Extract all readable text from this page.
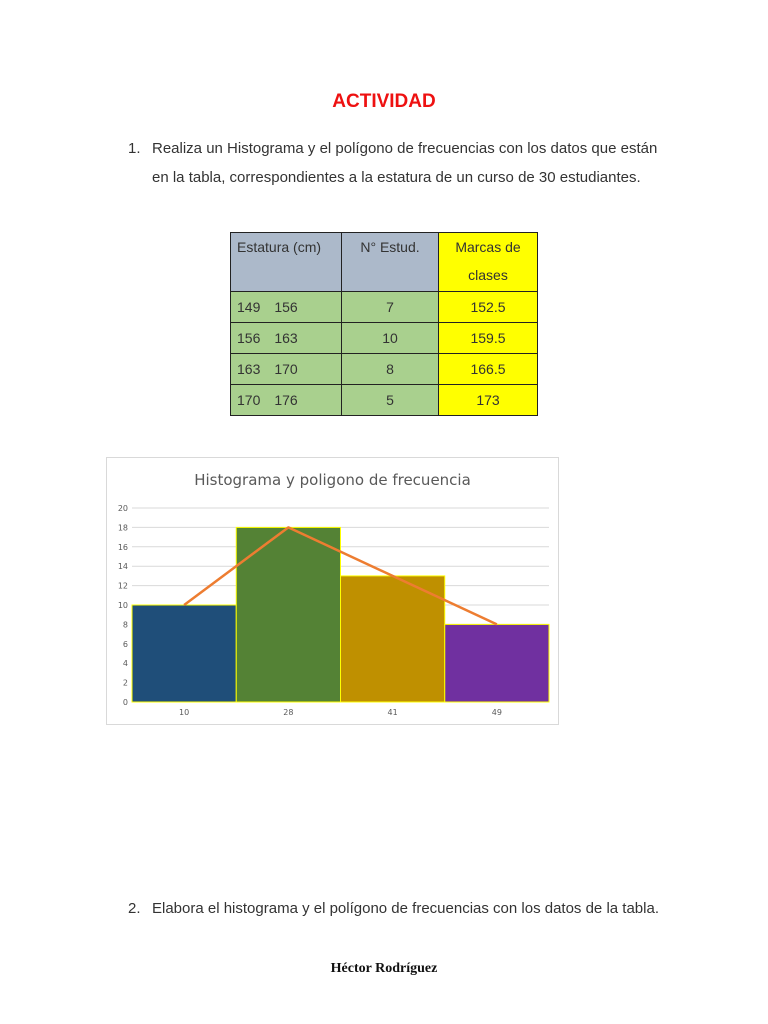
ACTIVIDAD
1. Realiza un Histograma y el polígono de frecuencias con los datos que están
en la tabla, correspondientes a la estatura de un curso de 30 estudiantes.
Estatura (cm)	N° Estud.	Marcas de
clases
149 156	7	152.5
156 163	10	159.5
163 170	8	166.5
170 176	5	173
0
2
4
6
8
10
12
14
16
18
20
10	28	41	49
Histograma y poligono de frecuencia
2. Elabora el histograma y el polígono de frecuencias con los datos de la tabla.
Héctor Rodríguez
